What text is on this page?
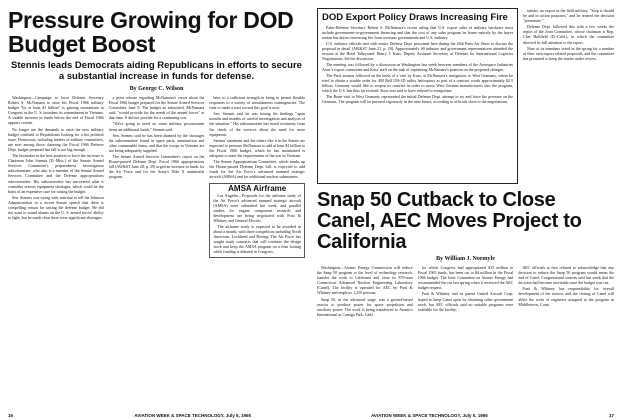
Pressure Growing for DOD Budget Boost
Stennis leads Democrats aiding Republicans in efforts to secure a substantial increase in funds for defense.
By George C. Wilson

Washington—Campaign to force Defense Secretary Robert S. McNamara to raise his Fiscal 1966 military budget "by at least $1 billion" is gaining momentum in Congress as the U. S. broadens its commitment in Vietnam. A sizable increase in funds before the end of Fiscal 1966 appears certain.

No longer are the demands to raise the new military budget confined to Republicans looking for a hot political issue. Democrats, including leaders of military committees, are now among those claiming the Fiscal 1966 Defense Dept. budget prepared last fall is not big enough.

The lawmaker in the best position to force the increase is Chairman John Stennis (D.-Miss.) of the Senate Armed Services Committee's preparedness investigation subcommittee, who also is a member of the Senate Armed Services Committee and the Defense appropriations subcommittee. His subcommittee has uncovered what it considers serious equipment shortages, which could be the basis of an expensive case for raising the budget.

Sen. Stennis was trying with restraint to tell the Johnson Administration in a recent Senate speech that there is compelling reason for raising the defense budget. He did not want to sound alarms on the U. S. armed forces' ability to fight, but he made clear there were significant shortages.

a press release regarding McNamara's views about the Fiscal 1966 budget prepared for the Senate Armed Services Committee June 9. The budget as submitted, McNamara said, "would provide for the needs of the armed forces" at that time. It did not provide for a continuing war.

"We're going to need on some military procurement items an additional funds," Stennis said.

Sen. Stennis said he has been alarmed by the shortages his subcommittee found in spare parts, ammunition and other consumable items, and that the troops in Vietnam are not being adequately supplied.

The Senate Armed Services Committee's report on the House-passed Defense Dept. Fiscal 1966 appropriations bill (AW&ST June 28, p. 29) urged an increase in funds for the Air Force and for the Army's Nike X antimissile program.

lates to a sufficient strength in being to permit flexible responses to a variety of simultaneous contingencies. The time to make a start toward this goal is now.

Sen. Stennis said he was basing his findings "upon months and months of careful investigation and analysis of the situation." His subcommittee has heard testimony from the chiefs of the services about the need for more equipment.

Stennis' statement and the others like it in the Senate are expected to pressure McNamara to add at least $1 billion to the Fiscal 1966 budget, which he has maintained is adequate to meet the requirements of the war in Vietnam.

The Senate Appropriations Committee, which marks up the House-passed Defense Dept. bill, is expected to add funds for the Air Force's advanced manned strategic aircraft (AMSA) and for additional nuclear submarines.

AMSA Airframe

Los Angeles—Proposals for the airframe study of the Air Force's advanced manned strategic aircraft (AMSA) were submitted last week, and parallel studies for engine component research and development are being negotiated with Pratt & Whitney and General Electric.

The airframe study is expected to be awarded in about a month, with three competitors including North American, Lockheed and Boeing. The Air Force has sought study contracts that will continue the design work and keep the AMSA program on a firm footing while funding is debated in Congress.

16	AVIATION WEEK & SPACE TECHNOLOGY, July 5, 1965
DOD Export Policy Draws Increasing Fire

Palm-Defense Secretary Robert S. McNamara's recent ruling that U.S. export sales of military hardware must include government-to-government financing and that the cost of any sales program be borne entirely by the buyer nation has drawn increasing fire from overseas governments and U.S. industry.

U.S. industry officials met with senior Defense Dept. personnel here during the 26th Paris Air Show to discuss the proposal in detail (AW&ST June 21, p. 29). Approximately 60 industry and government representatives attended the session at the Hotel Talleyrand. Henry J. Kuss, Deputy Assistant Secretary of Defense for International Logistics Negotiations, led the discussion.

The meeting was followed by a discussion in Washington last week between members of the Aerospace Industries Assn.'s export committee and Kuss' staff on the task of explaining McNamara's position on the proposed changes.

The Paris session followed on the heels of a visit by Kuss, at McNamara's instigation, to West Germany, where he tried to obtain a sizable order for 400 Bell UH-1D utility helicopters as part of a contract worth approximately $2.5 billion. Germany would like to reopen its contract in order to move West German manufacturers into the program, which the U.S. has thus far resisted. Kuss was said to have refused to renegotiate.

The Bonn visit to West Germany represented the initial Defense Dept. attempt to try and force the pressure on the Germans. The program will be pursued vigorously in the near future, according to officials close to the negotiations.

tations, an export in the field military. "Stop it should be and in action purposes," and be termed the decision "premature."

Defense Dept. followed this with a few weeks the report of the Joint Committee, whose chairman is Rep. Chet Holifield (D.-Calif.), in which the committee directed its full attention to the report.

Nine of its members voted in the spring for a number of their own export-related proposals, and the committee has promised to keep the matter under review.

Snap 50 Cutback to Close Canel, AEC Moves Project to California
By William J. Normyle

Washington—Atomic Energy Commission will reduce the Snap 50 program to the level of technology research, transfer the work to California and close its 870-man Connecticut Advanced Nuclear Engineering Laboratory (Canel). The facility is operated for AEC by Pratt & Whitney and employs 1,250 persons.

Snap 50, in the advanced stage, was a ground-based reactor to produce power for space propulsion and auxiliary power. The work is being transferred to Atomics International at Canoga Park, Calif.

for which Congress had appropriated $15 million in Fiscal 1965 funds, has been cut to $4 million in the Fiscal 1966 budget. The Joint Committee on Atomic Energy had recommended the cut last spring when it reviewed the AEC budget request.

Pratt & Whitney and its parent United Aircraft Corp. hoped to keep Canel open by obtaining other government work, but AEC officials said no suitable programs were available for the facility.

AEC officials at first refused to acknowledge that any decision to reduce the Snap 50 program would mean the end of Canel. Congressional sources said last week that the decision had become inevitable once the budget was cut.

Pratt & Whitney has responsibility for overall development of the reactor, and the closing of Canel will affect the work of engineers assigned to the program in Middletown, Conn.

AVIATION WEEK & SPACE TECHNOLOGY, July 5, 1965	17
